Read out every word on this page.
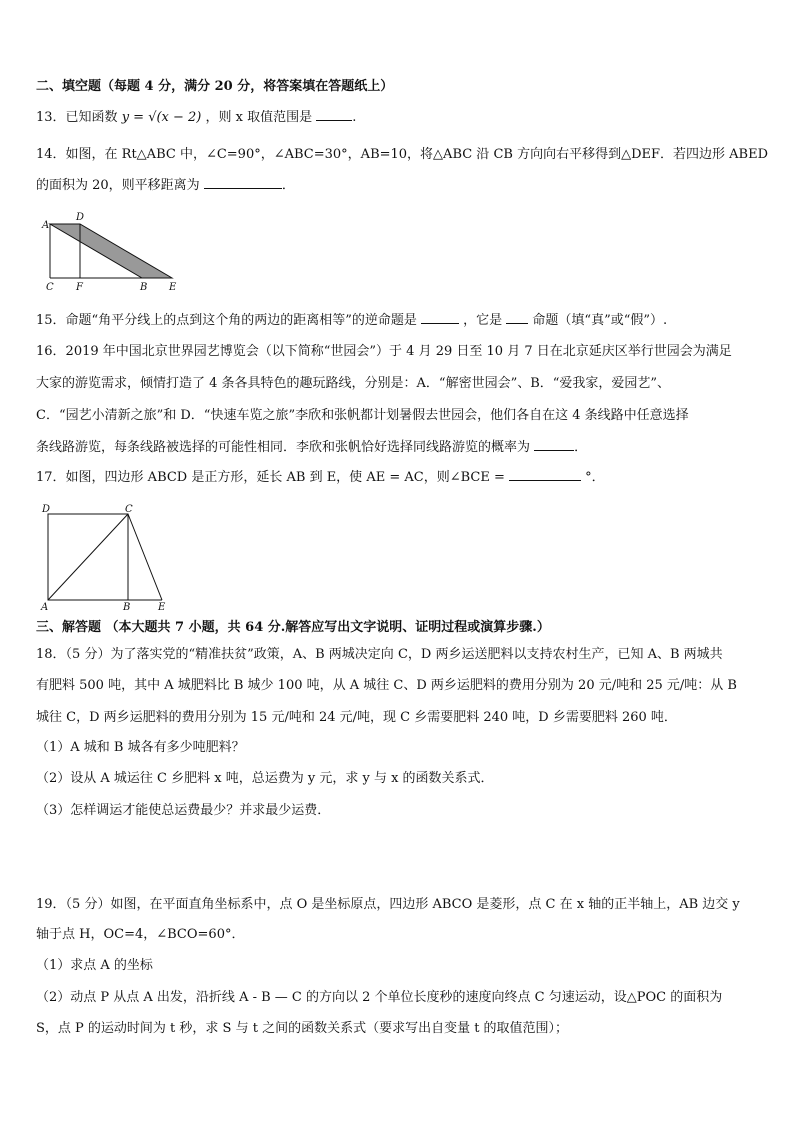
二、填空题（每题 4 分，满分 20 分，将答案填在答题纸上）
13．已知函数 y = √(x − 2) ，则 x 取值范围是	.
14．如图，在 Rt△ABC 中，∠C=90°，∠ABC=30°，AB=10，将△ABC 沿 CB 方向向右平移得到△DEF．若四边形 ABED
的面积为 20，则平移距离为	．
A
D
C F	B E
15．命题“角平分线上的点到这个角的两边的距离相等”的逆命题是	，它是 命题（填“真”或“假”）.
16．2019 年中国北京世界园艺博览会（以下简称“世园会”）于 4 月 29 日至 10 月 7 日在北京延庆区举行世园会为满足
大家的游览需求，倾情打造了 4 条各具特色的趣玩路线，分别是：A．“解密世园会”、B．“爱我家，爱园艺”、
C．“园艺小清新之旅”和 D．“快速车览之旅”李欣和张帆都计划暑假去世园会，他们各自在这 4 条线路中任意选择
条线路游览，每条线路被选择的可能性相同．李欣和张帆恰好选择同线路游览的概率为	．
17．如图，四边形 ABCD 是正方形，延长 AB 到 E，使 AE = AC，则∠BCE =	°．
D	C
A	B	E
三、解答题 （本大题共 7 小题，共 64 分.解答应写出文字说明、证明过程或演算步骤.）
18．（5 分）为了落实党的“精准扶贫”政策，A、B 两城决定向 C，D 两乡运送肥料以支持农村生产，已知 A、B 两城共
有肥料 500 吨，其中 A 城肥料比 B 城少 100 吨，从 A 城往 C、D 两乡运肥料的费用分别为 20 元/吨和 25 元/吨：从 B
城往 C，D 两乡运肥料的费用分别为 15 元/吨和 24 元/吨，现 C 乡需要肥料 240 吨，D 乡需要肥料 260 吨．
（1）A 城和 B 城各有多少吨肥料？
（2）设从 A 城运往 C 乡肥料 x 吨，总运费为 y 元，求 y 与 x 的函数关系式．
（3）怎样调运才能使总运费最少？并求最少运费．
19．（5 分）如图，在平面直角坐标系中，点 O 是坐标原点，四边形 ABCO 是菱形，点 C 在 x 轴的正半轴上，AB 边交 y
轴于点 H，OC=4，∠BCO=60°．
（1）求点 A 的坐标
（2）动点 P 从点 A 出发，沿折线 A - B — C 的方向以 2 个单位长度秒的速度向终点 C 匀速运动，设△POC 的面积为
S，点 P 的运动时间为 t 秒，求 S 与 t 之间的函数关系式（要求写出自变量 t 的取值范围）；
